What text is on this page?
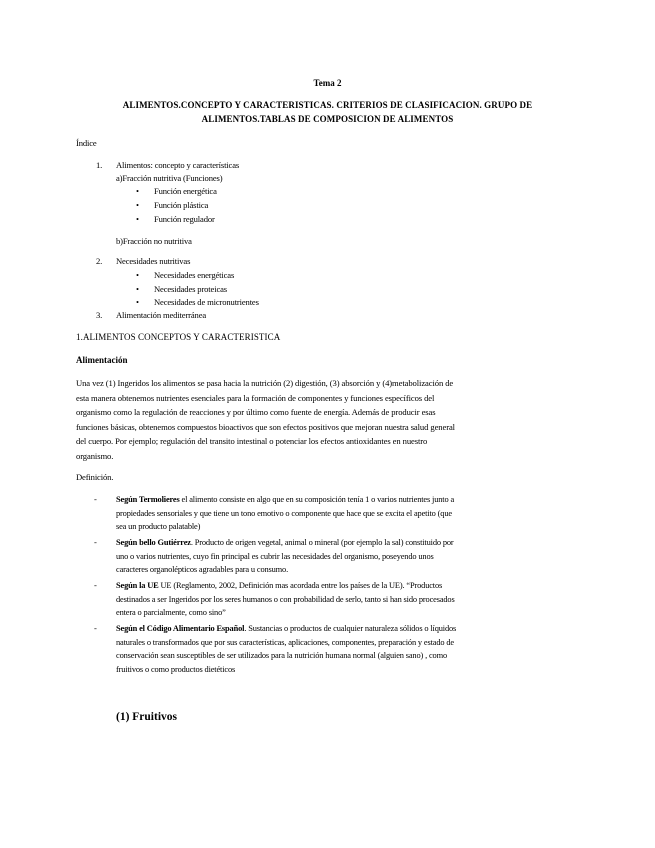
Tema 2
ALIMENTOS.CONCEPTO Y CARACTERISTICAS. CRITERIOS DE CLASIFICACION. GRUPO DE
ALIMENTOS.TABLAS DE COMPOSICION DE ALIMENTOS
Índice
1. Alimentos: concepto y características
a)Fracción nutritiva (Funciones)
• Función energética
• Función plástica
• Función regulador
b)Fracción no nutritiva
2. Necesidades nutritivas
• Necesidades energéticas
• Necesidades proteicas
• Necesidades de micronutrientes
3. Alimentación mediterránea
1.ALIMENTOS CONCEPTOS Y CARACTERISTICA
Alimentación
Una vez (1) Ingeridos los alimentos se pasa hacia la nutrición (2) digestión, (3) absorción y (4)metabolización de
esta manera obtenemos nutrientes esenciales para la formación de componentes y funciones específicos del
organismo como la regulación de reacciones y por último como fuente de energía. Además de producir esas
funciones básicas, obtenemos compuestos bioactivos que son efectos positivos que mejoran nuestra salud general
del cuerpo. Por ejemplo; regulación del transito intestinal o potenciar los efectos antioxidantes en nuestro
organismo.
Definición.
- Según Termolieres el alimento consiste en algo que en su composición tenía 1 o varios nutrientes junto a
propiedades sensoriales y que tiene un tono emotivo o componente que hace que se excita el apetito (que
sea un producto palatable)
- Según bello Gutiérrez. Producto de origen vegetal, animal o mineral (por ejemplo la sal) constituido por
uno o varios nutrientes, cuyo fin principal es cubrir las necesidades del organismo, poseyendo unos
caracteres organolépticos agradables para u consumo.
- Según la UE UE (Reglamento, 2002, Definición mas acordada entre los países de la UE). “Productos
destinados a ser Ingeridos por los seres humanos o con probabilidad de serlo, tanto si han sido procesados
entera o parcialmente, como sino”
- Según el Código Alimentario Español. Sustancias o productos de cualquier naturaleza sólidos o líquidos
naturales o transformados que por sus características, aplicaciones, componentes, preparación y estado de
conservación sean susceptibles de ser utilizados para la nutrición humana normal (alguien sano) , como
fruitivos o como productos dietéticos
(1) Fruitivos
